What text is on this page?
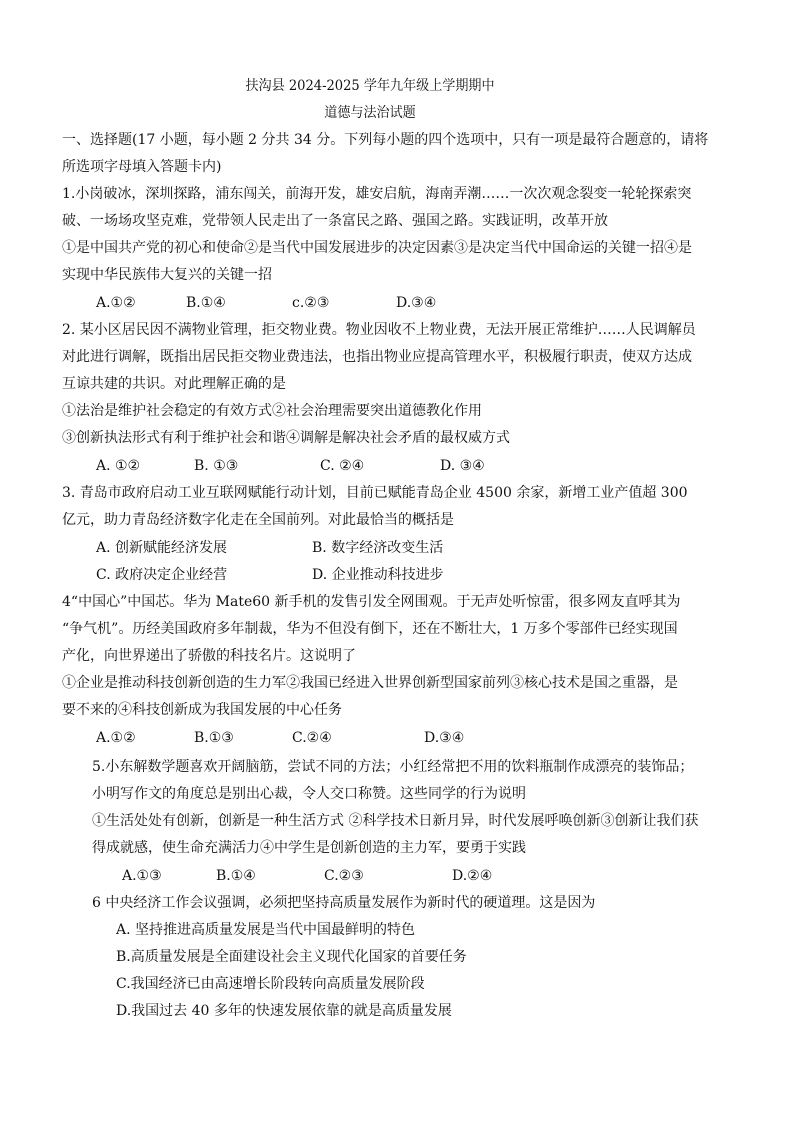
扶沟县 2024-2025 学年九年级上学期期中
道德与法治试题
一、选择题(17 小题，每小题 2 分共 34 分。下列每小题的四个选项中，只有一项是最符合题意的，请将
所选项字母填入答题卡内)
1.小岗破冰，深圳探路，浦东闯关，前海开发，雄安启航，海南弄潮……一次次观念裂变一轮轮探索突
破、一场场攻坚克难，党带领人民走出了一条富民之路、强国之路。实践证明，改革开放
①是中国共产党的初心和使命②是当代中国发展进步的决定因素③是决定当代中国命运的关键一招④是
实现中华民族伟大复兴的关键一招
A.①②	B.①④	c.②③	D.③④
2. 某小区居民因不满物业管理，拒交物业费。物业因收不上物业费，无法开展正常维护……人民调解员
对此进行调解，既指出居民拒交物业费违法，也指出物业应提高管理水平，积极履行职责，使双方达成
互谅共建的共识。对此理解正确的是
①法治是维护社会稳定的有效方式②社会治理需要突出道德教化作用
③创新执法形式有利于维护社会和谐④调解是解决社会矛盾的最权威方式
A. ①②	B. ①③	C. ②④	D. ③④
3. 青岛市政府启动工业互联网赋能行动计划，目前已赋能青岛企业 4500 余家，新增工业产值超 300
亿元，助力青岛经济数字化走在全国前列。对此最恰当的概括是
A. 创新赋能经济发展	B. 数字经济改变生活
C. 政府决定企业经营	D. 企业推动科技进步
4“中国心”中国芯。华为 Mate60 新手机的发售引发全网围观。于无声处听惊雷，很多网友直呼其为
“争气机”。历经美国政府多年制裁，华为不但没有倒下，还在不断壮大，1 万多个零部件已经实现国
产化，向世界递出了骄傲的科技名片。这说明了
①企业是推动科技创新创造的生力军②我国已经进入世界创新型国家前列③核心技术是国之重器，是
要不来的④科技创新成为我国发展的中心任务
A.①②	B.①③	C.②④	D.③④
5.小东解数学题喜欢开阔脑筋，尝试不同的方法；小红经常把不用的饮料瓶制作成漂亮的装饰品；
小明写作文的角度总是别出心裁，令人交口称赞。这些同学的行为说明
①生活处处有创新，创新是一种生活方式 ②科学技术日新月异，时代发展呼唤创新③创新让我们获
得成就感，使生命充满活力④中学生是创新创造的主力军，要勇于实践
A.①③	B.①④	C.②③	D.②④
6 中央经济工作会议强调，必须把坚持高质量发展作为新时代的硬道理。这是因为
A. 坚持推进高质量发展是当代中国最鲜明的特色
B.高质量发展是全面建设社会主义现代化国家的首要任务
C.我国经济已由高速增长阶段转向高质量发展阶段
D.我国过去 40 多年的快速发展依靠的就是高质量发展
